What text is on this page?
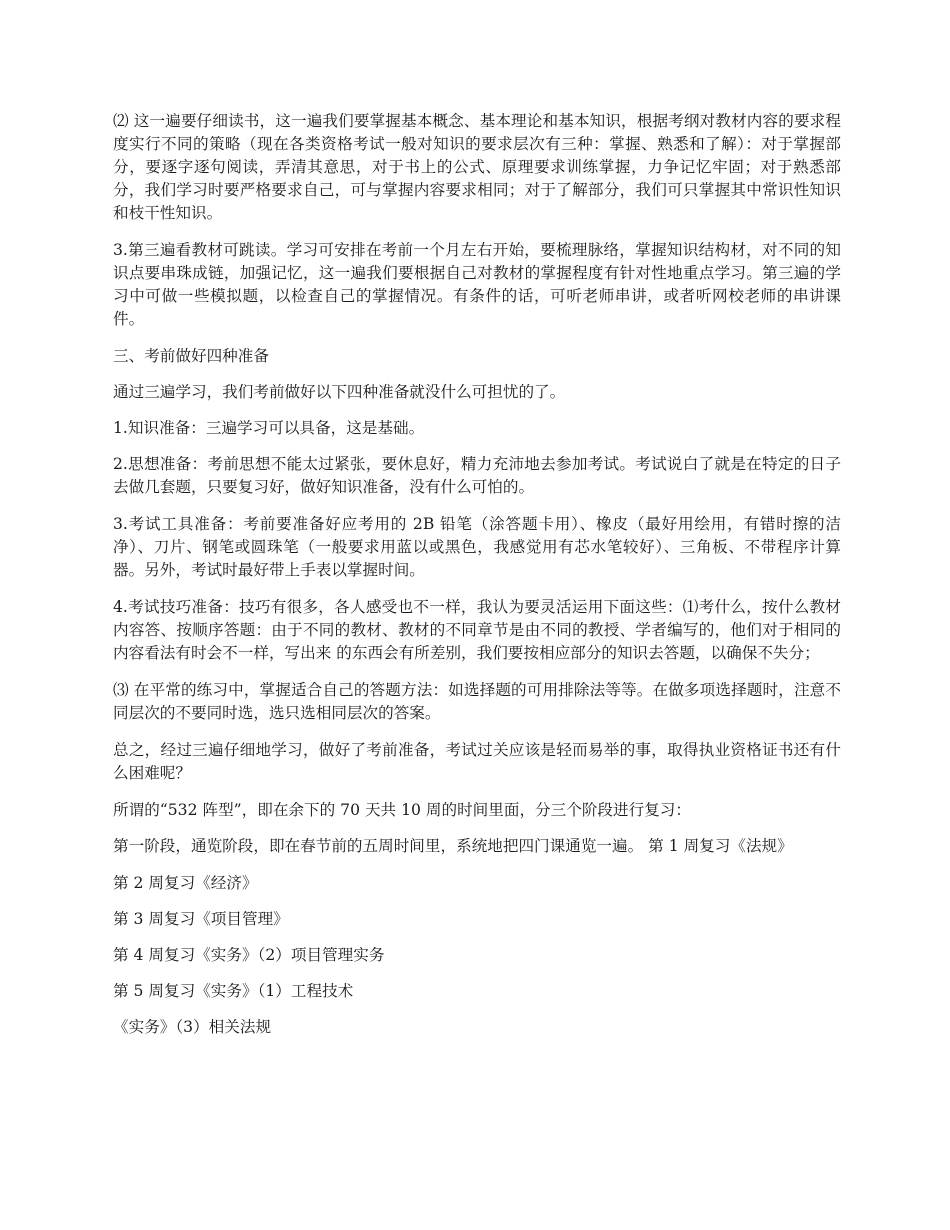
⑵ 这一遍要仔细读书，这一遍我们要掌握基本概念、基本理论和基本知识，根据考纲对教材内容的要求程度实行不同的策略（现在各类资格考试一般对知识的要求层次有三种：掌握、熟悉和了解）：对于掌握部分，要逐字逐句阅读，弄清其意思，对于书上的公式、原理要求训练掌握，力争记忆牢固；对于熟悉部分，我们学习时要严格要求自己，可与掌握内容要求相同；对于了解部分，我们可只掌握其中常识性知识和枝干性知识。

3.第三遍看教材可跳读。学习可安排在考前一个月左右开始，要梳理脉络，掌握知识结构材，对不同的知识点要串珠成链，加强记忆，这一遍我们要根据自己对教材的掌握程度有针对性地重点学习。第三遍的学习中可做一些模拟题，以检查自己的掌握情况。有条件的话，可听老师串讲，或者听网校老师的串讲课件。

三、考前做好四种准备

通过三遍学习，我们考前做好以下四种准备就没什么可担忧的了。

1.知识准备：三遍学习可以具备，这是基础。

2.思想准备：考前思想不能太过紧张，要休息好，精力充沛地去参加考试。考试说白了就是在特定的日子去做几套题，只要复习好，做好知识准备，没有什么可怕的。

3.考试工具准备：考前要准备好应考用的 2B 铅笔（涂答题卡用）、橡皮（最好用绘用，有错时擦的洁净）、刀片、钢笔或圆珠笔（一般要求用蓝以或黑色，我感觉用有芯水笔较好）、三角板、不带程序计算器。另外，考试时最好带上手表以掌握时间。

4.考试技巧准备：技巧有很多，各人感受也不一样，我认为要灵活运用下面这些：⑴考什么，按什么教材内容答、按顺序答题：由于不同的教材、教材的不同章节是由不同的教授、学者编写的，他们对于相同的内容看法有时会不一样，写出来 的东西会有所差别，我们要按相应部分的知识去答题，以确保不失分；

⑶ 在平常的练习中，掌握适合自己的答题方法：如选择题的可用排除法等等。在做多项选择题时，注意不同层次的不要同时选，选只选相同层次的答案。

总之，经过三遍仔细地学习，做好了考前准备，考试过关应该是轻而易举的事，取得执业资格证书还有什么困难呢？

所谓的“532 阵型”，即在余下的 70 天共 10 周的时间里面，分三个阶段进行复习：

第一阶段，通览阶段，即在春节前的五周时间里，系统地把四门课通览一遍。 第 1 周复习《法规》

第 2 周复习《经济》

第 3 周复习《项目管理》

第 4 周复习《实务》（2）项目管理实务

第 5 周复习《实务》（1）工程技术

《实务》（3）相关法规
